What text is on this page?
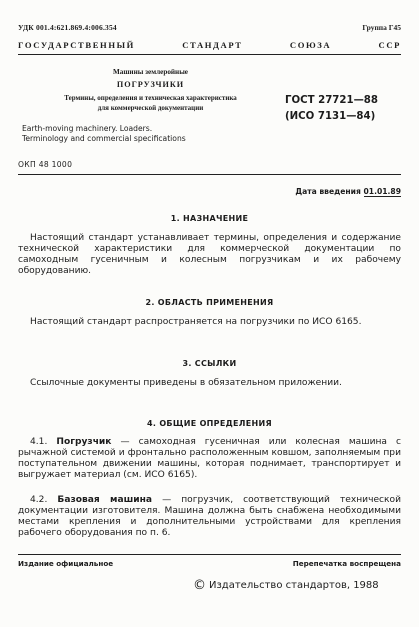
УДК 001.4:621.869.4:006.354	Группа Г45
ГОСУДАРСТВЕННЫЙ СТАНДАРТ СОЮЗА ССР
Машины землеройные
ПОГРУЗЧИКИ
Термины, определения и техническая характеристика
для коммерческой документации
Earth-moving machinery. Loaders.
Terminology and commercial specifications
ГОСТ 27721—88
(ИСО 7131—84)
ОКП 48 1000
Дата введения 01.01.89
1. НАЗНАЧЕНИЕ
Настоящий стандарт устанавливает термины, определения и содержание технической характеристики для коммерческой документации по самоходным гусеничным и колесным погрузчикам и их рабочему оборудованию.
2. ОБЛАСТЬ ПРИМЕНЕНИЯ
Настоящий стандарт распространяется на погрузчики по ИСО 6165.
3. ССЫЛКИ
Ссылочные документы приведены в обязательном приложении.
4. ОБЩИЕ ОПРЕДЕЛЕНИЯ
4.1. Погрузчик — самоходная гусеничная или колесная машина с рычажной системой и фронтально расположенным ковшом, заполняемым при поступательном движении машины, которая поднимает, транспортирует и выгружает материал (см. ИСО 6165).
4.2. Базовая машина — погрузчик, соответствующий технической документации изготовителя. Машина должна быть снабжена необходимыми местами крепления и дополнительными устройствами для крепления рабочего оборудования по п. 6.
Издание официальное	Перепечатка воспрещена
© Издательство стандартов, 1988
